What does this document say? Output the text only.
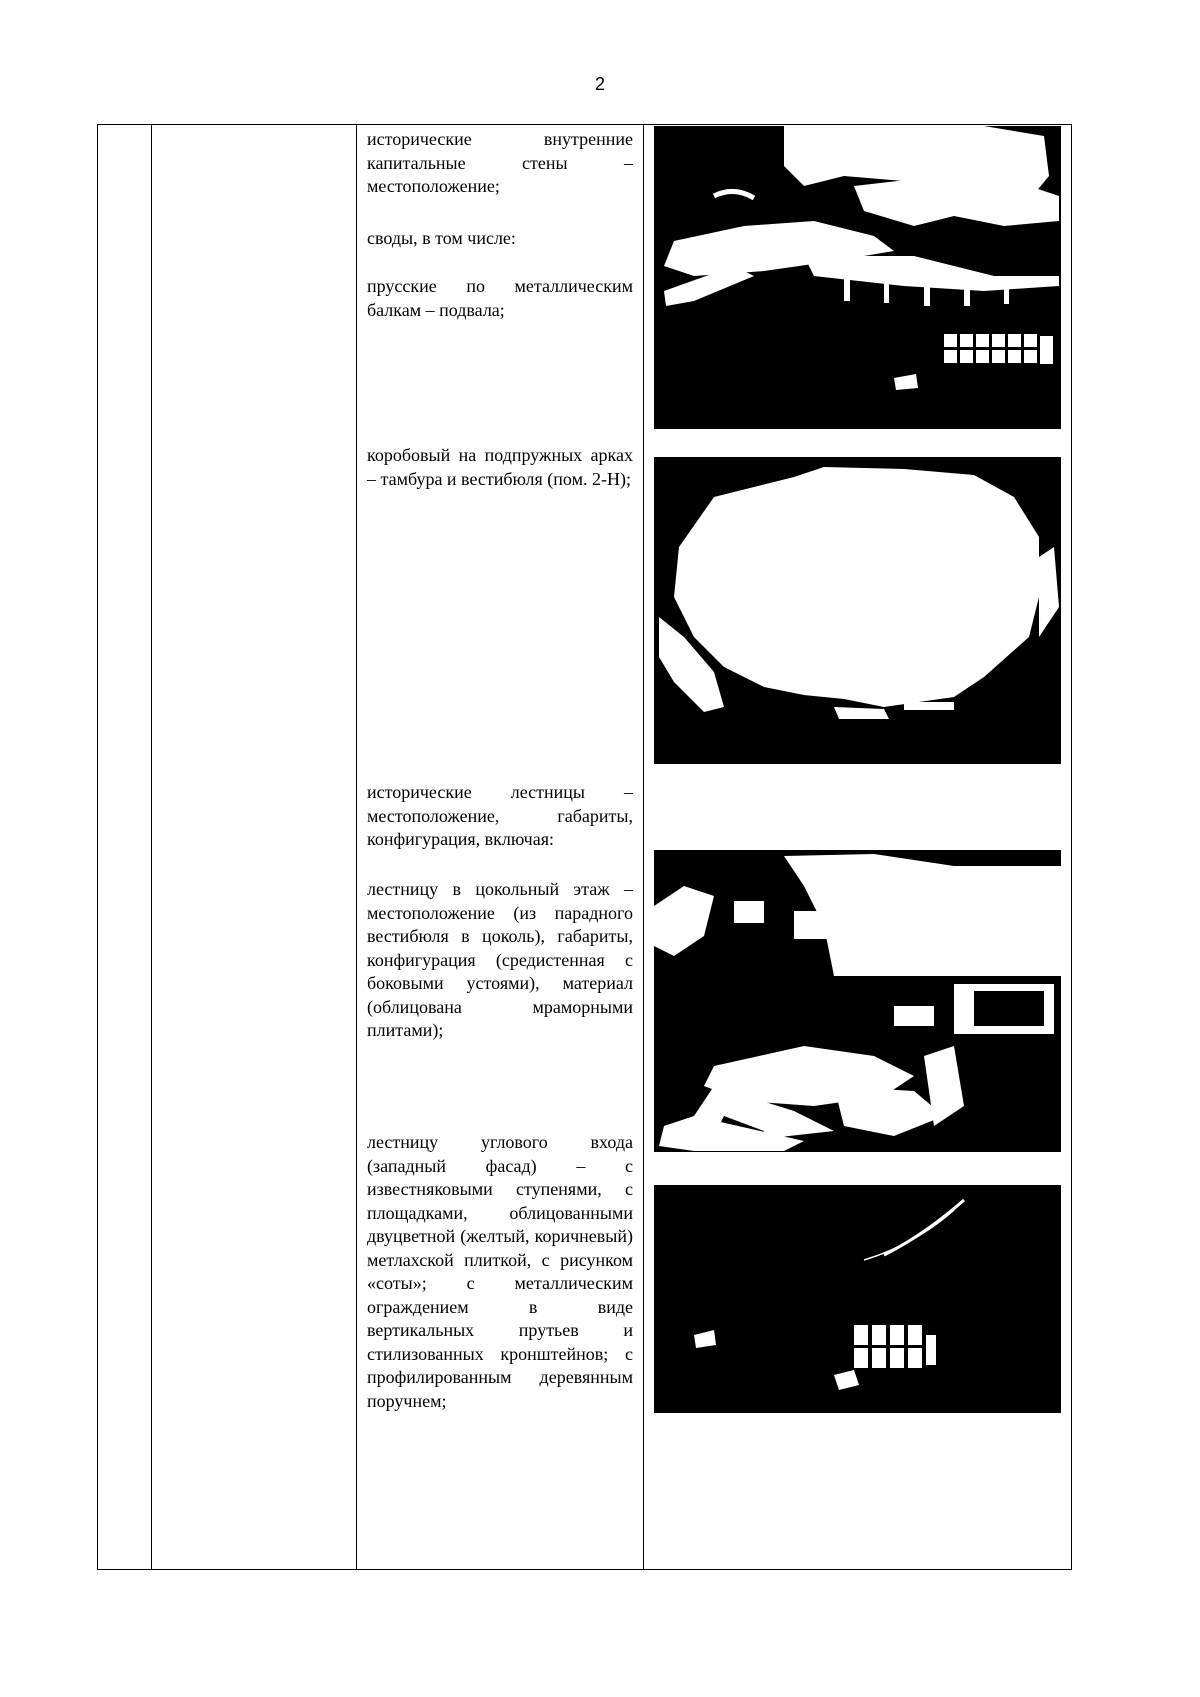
2

исторические внутренние капитальные стены – местоположение;

своды, в том числе:

прусские по металлическим балкам – подвала;

коробовый на подпружных арках – тамбура и вестибюля (пом. 2-Н);

исторические лестницы – местоположение, габариты, конфигурация, включая:

лестницу в цокольный этаж – местоположение (из парадного вестибюля в цоколь), габариты, конфигурация (средистенная с боковыми устоями), материал (облицована мраморными плитами);

лестницу углового входа (западный фасад) – с известняковыми ступенями, с площадками, облицованными двуцветной (желтый, коричневый) метлахской плиткой, с рисунком «соты»; с металлическим ограждением в виде вертикальных прутьев и стилизованных кронштейнов; с профилированным деревянным поручнем;
